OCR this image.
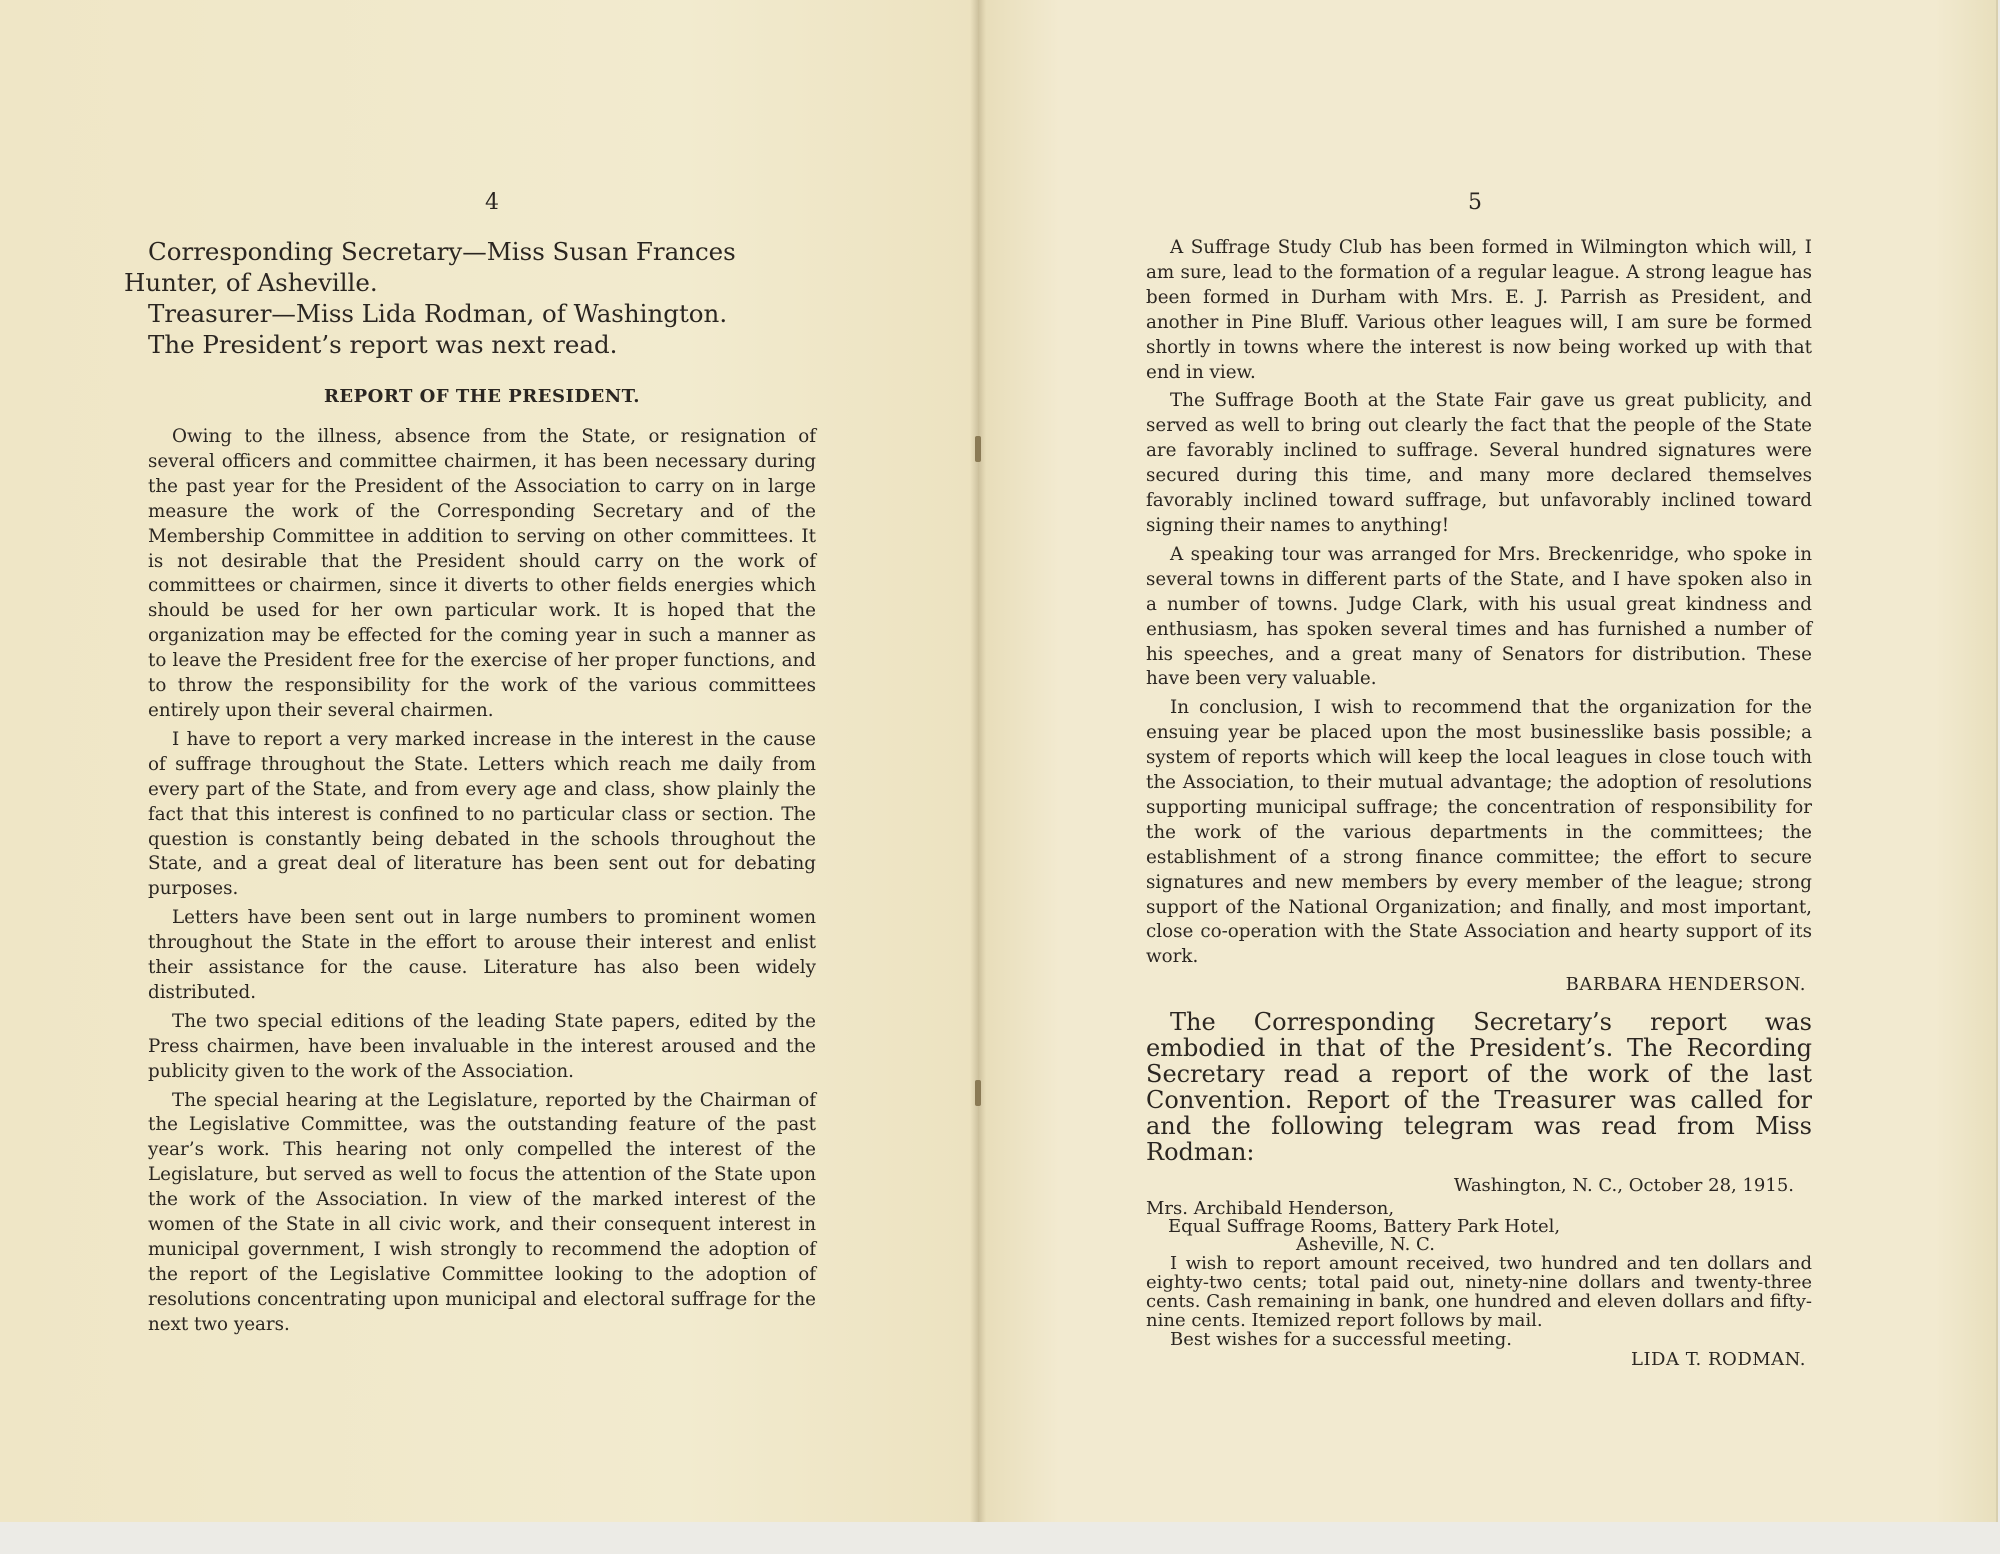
4

Corresponding Secretary—Miss Susan Frances Hunter, of Asheville.

Treasurer—Miss Lida Rodman, of Washington.

The President’s report was next read.

REPORT OF THE PRESIDENT.

Owing to the illness, absence from the State, or resignation of several officers and committee chairmen, it has been necessary during the past year for the President of the Association to carry on in large measure the work of the Corresponding Secretary and of the Membership Committee in addition to serving on other committees. It is not desirable that the President should carry on the work of committees or chairmen, since it diverts to other fields energies which should be used for her own particular work. It is hoped that the organization may be effected for the coming year in such a manner as to leave the President free for the exercise of her proper functions, and to throw the responsibility for the work of the various committees entirely upon their several chairmen.

I have to report a very marked increase in the interest in the cause of suffrage throughout the State. Letters which reach me daily from every part of the State, and from every age and class, show plainly the fact that this interest is confined to no particular class or section. The question is constantly being debated in the schools throughout the State, and a great deal of literature has been sent out for debating purposes.

Letters have been sent out in large numbers to prominent women throughout the State in the effort to arouse their interest and enlist their assistance for the cause. Literature has also been widely distributed.

The two special editions of the leading State papers, edited by the Press chairmen, have been invaluable in the interest aroused and the publicity given to the work of the Association.

The special hearing at the Legislature, reported by the Chairman of the Legislative Committee, was the outstanding feature of the past year’s work. This hearing not only compelled the interest of the Legislature, but served as well to focus the attention of the State upon the work of the Association. In view of the marked interest of the women of the State in all civic work, and their consequent interest in municipal government, I wish strongly to recommend the adoption of the report of the Legislative Committee looking to the adoption of resolutions concentrating upon municipal and electoral suffrage for the next two years.

5

A Suffrage Study Club has been formed in Wilmington which will, I am sure, lead to the formation of a regular league. A strong league has been formed in Durham with Mrs. E. J. Parrish as President, and another in Pine Bluff. Various other leagues will, I am sure be formed shortly in towns where the interest is now being worked up with that end in view.

The Suffrage Booth at the State Fair gave us great publicity, and served as well to bring out clearly the fact that the people of the State are favorably inclined to suffrage. Several hundred signatures were secured during this time, and many more declared themselves favorably inclined toward suffrage, but unfavorably inclined toward signing their names to anything!

A speaking tour was arranged for Mrs. Breckenridge, who spoke in several towns in different parts of the State, and I have spoken also in a number of towns. Judge Clark, with his usual great kindness and enthusiasm, has spoken several times and has furnished a number of his speeches, and a great many of Senators for distribution. These have been very valuable.

In conclusion, I wish to recommend that the organization for the ensuing year be placed upon the most businesslike basis possible; a system of reports which will keep the local leagues in close touch with the Association, to their mutual advantage; the adoption of resolutions supporting municipal suffrage; the concentration of responsibility for the work of the various departments in the committees; the establishment of a strong finance committee; the effort to secure signatures and new members by every member of the league; strong support of the National Organization; and finally, and most important, close co-operation with the State Association and hearty support of its work.

BARBARA HENDERSON.

The Corresponding Secretary’s report was embodied in that of the President’s. The Recording Secretary read a report of the work of the last Convention. Report of the Treasurer was called for and the following telegram was read from Miss Rodman:

Washington, N. C., October 28, 1915.

Mrs. Archibald Henderson,

Equal Suffrage Rooms, Battery Park Hotel,

Asheville, N. C.

I wish to report amount received, two hundred and ten dollars and eighty-two cents; total paid out, ninety-nine dollars and twenty-three cents. Cash remaining in bank, one hundred and eleven dollars and fifty-nine cents. Itemized report follows by mail.

Best wishes for a successful meeting.

LIDA T. RODMAN.
